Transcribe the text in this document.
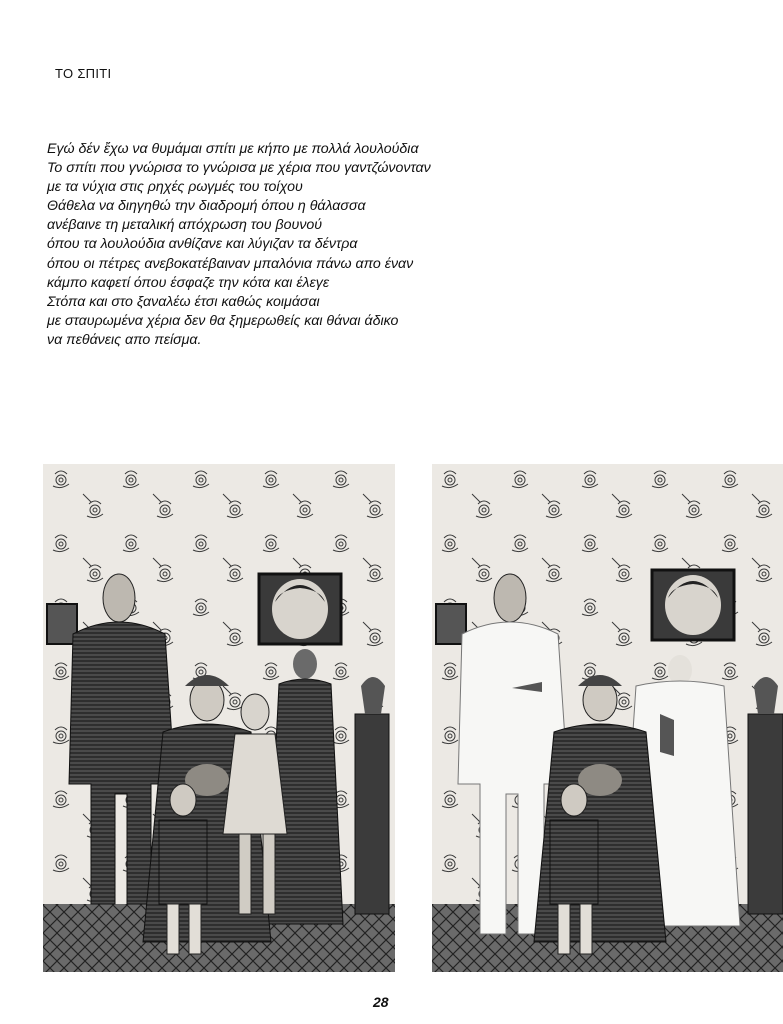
ΤΟ ΣΠΙΤΙ
Εγώ δέν ἔχω να θυμάμαι σπίτι με κήπο με πολλά λουλούδια
Το σπίτι που γνώρισα το γνώρισα με χέρια που γαντζώνονταν
με τα νύχια στις ρηχές ρωγμές του τοίχου
Θάθελα να διηγηθώ την διαδρομή όπου η θάλασσα
ανέβαινε τη μεταλική απόχρωση του βουνού
όπου τα λουλούδια ανθίζανε και λύγιζαν τα δέντρα
όπου οι πέτρες ανεβοκατέβαιναν μπαλόνια πάνω απο έναν
κάμπο καφετί όπου έσφαζε την κότα και έλεγε
Στόπα και στο ξαναλέω έτσι καθώς κοιμάσαι
με σταυρωμένα χέρια δεν θα ξημερωθείς και θάναι άδικο
να πεθάνεις απο πείσμα.
28
